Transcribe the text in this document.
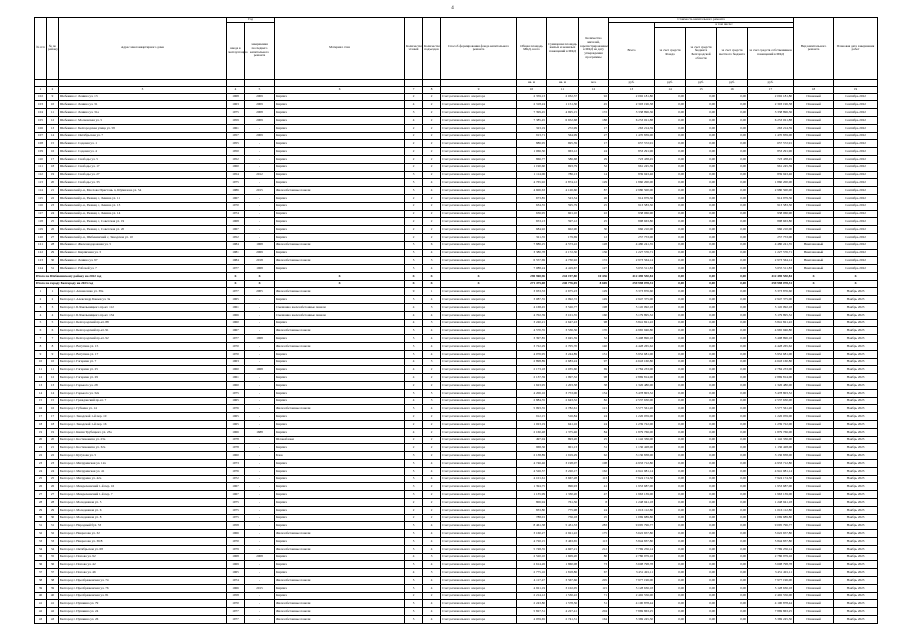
4
№ п/п	№ по району	Адрес многоквартирного дома	Год		Материал стен	Количество этажей	Количество подъездов	Способ формирования фонда капитального ремонта	Общая площадь МКД, всего	Суммарная площадь жилых и нежилых помещений в МКД	Количество жителей, зарегистрированных в МКД на дату утверждения программы	Стоимость капитального ремонта					Вид капитального ремонта	Плановая дата завершения работ
			ввода в эксплуатацию	завершения последнего капитального ремонта								Всего	в том числе:					
													за счет средств Фонда	за счет средств бюджета Белгородской области	за счет средств местного бюджета	за счет средств собственников помещений в МКД		
									кв. м	кв. м	чел.	руб.	руб.	руб.	руб.	руб.		
1	2	3	4	5	6	7	8	9	10	11	12	13	14	15	16	17	18	19
102	9	Шебекино г. Ленина ул. 13	1968	2009	Кирпич	2	2	Счет регионального оператора	2 359,13	2 032,37	92	2 092 181,80	0,00	0,00	0,00	2 092 181,80	Плановый	Сентябрь 2022
103	10	Шебекино г. Ленина ул. 31	1963	2009	Кирпич	4	2	Счет регионального оператора	2 318,24	1 151,30	45	2 303 196,58	0,00	0,00	0,00	2 303 196,58	Плановый	Сентябрь 2022
104	11	Шебекино г. Ленина ул. 31а	1975	2008	Кирпич	3	2	Счет регионального оператора	7 399,45	4 695,15	172	3 338 896,36	0,00	0,00	0,00	3 338 896,36	Плановый	Сентябрь 2022
105	12	Шебекино г. Московская ул. 5	1959	2009	Кирпич	4	2	Счет регионального оператора	7 385,45	6 652,68	188	6 253 021,88	0,00	0,00	0,00	6 253 021,88	Плановый	Сентябрь 2022
106	13	Шебекино г. Белгородская улица ул. 58	1961	-	Кирпич	2	2	Счет регионального оператора	323,19	272,99	17	263 214,59	0,00	0,00	0,00	263 214,59	Плановый	Сентябрь 2022
107	14	Шебекино г. Октябрьская ул. 7	1957	2009	Кирпич	2	2	Счет регионального оператора	913,71	564,99	27	1 470 839,00	0,00	0,00	0,00	1 470 839,00	Плановый	Сентябрь 2022
108	15	Шебекино г. Садовая ул. 1	1955	-	Кирпич	2	2	Счет регионального оператора	886,95	695,39	17	657 572,91	0,00	0,00	0,00	657 572,91	Плановый	Сентябрь 2022
109	16	Шебекино г. Садовая ул. 4	1950	-	Кирпич	2	2	Счет регионального оператора	1 066,50	963,12	24	853 291,96	0,00	0,00	0,00	853 291,96	Плановый	Сентябрь 2022
110	17	Шебекино г. Свободы ул. 5	1952	-	Кирпич	2	2	Счет регионального оператора	866,77	586,68	29	723 438,45	0,00	0,00	0,00	723 438,45	Плановый	Сентябрь 2022
111	18	Шебекино г. Свободы ул. 17	1960	-	Кирпич	2	2	Счет регионального оператора	1 190,60	693,79	52	961 245,39	0,00	0,00	0,00	961 245,39	Плановый	Сентябрь 2022
112	19	Шебекино г. Свободы ул. 27	1954	2012	Кирпич	3	2	Счет регионального оператора	1 114,06	786,13	14	839 943,46	0,00	0,00	0,00	839 943,46	Плановый	Сентябрь 2022
113	20	Шебекино г. Свободы ул. 33	1975	-	Кирпич	5	4	Счет регионального оператора	4 765,92	2 874,12	129	1 860 200,00	0,00	0,00	0,00	1 860 200,00	Плановый	Сентябрь 2022
114	21	Шебекинский р-н, Маслова Пристань п, Шумилова ул. 54	1986	2015	Железобетонные панели	5	4	Счет регионального оператора	4 606,63	4 126,60	87	2 980 500,00	0,00	0,00	0,00	2 980 500,00	Плановый	Сентябрь 2022
115	22	Шебекинский р-н, Ржавец с, Ленина ул. 11	1967	-	Кирпич	2	2	Счет регионального оператора	673,85	523,54	26	914 979,36	0,00	0,00	0,00	914 979,36	Плановый	Сентябрь 2022
116	23	Шебекинский р-н, Ржавец с, Ленина ул. 13	1970	-	Кирпич	2	2	Счет регионального оператора	634,55	595,79	25	913 583,50	0,00	0,00	0,00	913 583,50	Плановый	Сентябрь 2022
117	24	Шебекинский р-н, Ржавец с, Ленина ул. 14	1974	-	Кирпич	2	2	Счет регионального оператора	636,95	601,10	22	938 066,90	0,00	0,00	0,00	938 066,90	Плановый	Сентябрь 2022
118	25	Шебекинский р-н, Ржавец с, Советская ул. 19	1968	-	Кирпич	2	2	Счет регионального оператора	653,13	597,12	25	898 663,80	0,00	0,00	0,00	898 663,80	Плановый	Сентябрь 2022
119	26	Шебекинский р-н, Ржавец с, Советская ул. 20	1967	-	Кирпич	2	2	Счет регионального оператора	684,92	602,90	30	966 210,00	0,00	0,00	0,00	966 210,00	Плановый	Сентябрь 2022
120	27	Шебекинский р-н, Шебекинский с, Заводская ул. 10	1952	-	Кирпич	2	2	Счет регионального оператора	321,35	179,69	12	257 753,00	0,00	0,00	0,00	257 753,00	Плановый	Сентябрь 2022
121	28	Шебекино г. Железнодорожная ул. 5	1984	1968	Железобетонные панели	5	6	Счет регионального оператора	7 886,25	4 573,22	128	4 480 241,35	0,00	0,00	0,00	4 480 241,35	Внеплановый	Сентябрь 2022
122	29	Шебекино г. Кирпичная ул. 3	1981	2069	Кирпич	5	4	Счет регионального оператора	3 380,78	2 172,30	136	1 227 576,71	0,00	0,00	0,00	1 227 576,71	Внеплановый	Сентябрь 2022
123	30	Шебекино г. Ленина ул. 97	1984	2018	Железобетонные панели	5	3	Счет регионального оператора	6 557,69	4 730,92	172	2 973 564,14	0,00	0,00	0,00	2 973 564,14	Внеплановый	Сентябрь 2022
124	31	Шебекино г. Рабочей ул. 7	1977	1968	Кирпич	5	4	Счет регионального оператора	7 088,24	4 419,67	127	5 655 511,83	0,00	0,00	0,00	5 655 511,83	Внеплановый	Сентябрь 2022
Итого по Шебекинскому району на 2022 год			X	X	X	X	X	X	290 968,96	244 197,80	10 436	412 490 550,84	0,00	0,00	0,00	412 490 550,84	X	X
Итого по городу Белгороду на 2023 год			X	X	X	X	X	X	271 475,08	240 776,05	8 669	259 998 078,31	0,00	0,00	0,00	259 998 078,31	X	X
1	1	Белгород г. Апанасенко ул. 39а	1977	2005	Железобетонные панели	9	1	Счет регионального оператора	3 933,33	2 675,23	129	3 373 876,60	0,00	0,00	0,00	3 373 876,60	Плановый	Ноябрь 2023
2	2	Белгород г. Александр Бакаев ул. 3а	1965	-	Кирпич	5	4	Счет регионального оператора	3 087,55	2 992,72	149	2 947 375,00	0,00	0,00	0,00	2 947 375,00	Плановый	Ноябрь 2023
3	3	Белгород г. Б.Хмельницкого пр-кт. 112	1961	-	Смешанно железобетонные панели	4	3	Счет регионального оператора	4 168,45	3 526,77	198	5 145 092,18	0,00	0,00	0,00	5 145 092,18	Плановый	Ноябрь 2023
4	4	Белгород г. Б.Хмельницкого пр-кт. 134	1966	-	Смешанно железобетонные панели	4	4	Счет регионального оператора	4 702,39	3 101,35	160	5 179 895,52	0,00	0,00	0,00	5 179 895,52	Плановый	Ноябрь 2023
5	5	Белгород г. Белгородский пр-кт. 88	1960	-	Кирпич	4	3	Счет регионального оператора	3 240,21	2 647,43	98	3 841 821,22	0,00	0,00	0,00	3 841 821,22	Плановый	Ноябрь 2023
6	6	Белгород г. Белгородский пр-кт. 91	1967	-	Железобетонные панели	5	4	Счет регионального оператора	4 570,35	3 536,36	170	4 965 946,80	0,00	0,00	0,00	4 965 946,80	Плановый	Ноябрь 2023
7	7	Белгород г. Белгородский пр-кт. 92	1977	1968	Кирпич	5	4	Счет регионального оператора	3 397,85	3 045,59	52	3 408 896,18	0,00	0,00	0,00	3 408 896,18	Плановый	Ноябрь 2023
8	8	Белгород г. Ватутина ул. 15	1970	-	Железобетонные панели	5	4	Счет регионального оператора	3 722,29	2 705,70	140	4 428 265,62	0,00	0,00	0,00	4 428 265,62	Плановый	Ноябрь 2023
9	9	Белгород г. Ватутина ул. 17	1970	-	Кирпич	5	4	Счет регионального оператора	4 076,95	3 244,89	131	5 952 681,00	0,00	0,00	0,00	5 952 681,00	Плановый	Ноябрь 2023
10	10	Белгород г. Гагарина ул. 7	1963	-	Кирпич	4	3	Счет регионального оператора	2 898,89	2 683,24	97	4 643 160,80	0,00	0,00	0,00	4 643 160,80	Плановый	Ноябрь 2023
11	11	Белгород г. Гагарина ул. 25	1960	1968	Кирпич	4	2	Счет регионального оператора	2 173,18	2 035,60	69	2 784 233,00	0,00	0,00	0,00	2 784 233,00	Плановый	Ноябрь 2023
12	12	Белгород г. Гагарина ул. 29	1961	-	Кирпич	4	2	Счет регионального оператора	2 137,59	1 997,32	98	2 869 814,00	0,00	0,00	0,00	2 869 814,00	Плановый	Ноябрь 2023
13	13	Белгород г. Горького ул. 28	1960	-	Кирпич	2	2	Счет регионального оператора	1 623,95	1 203,58	38	1 326 480,00	0,00	0,00	0,00	1 326 480,00	Плановый	Ноябрь 2023
14	14	Белгород г. Горького ул. 32а	1975	-	Кирпич	5	5	Счет регионального оператора	4 206,16	3 753,06	154	5 478 803,52	0,00	0,00	0,00	5 478 803,52	Плановый	Ноябрь 2023
15	15	Белгород г. Гражданский пр-кт. 7	1965	-	Кирпич	4	3	Счет регионального оператора	2 884,35	2 643,32	82	2 537 630,00	0,00	0,00	0,00	2 537 630,00	Плановый	Ноябрь 2023
16	16	Белгород г. Губкина ул. 14	1976	-	Железобетонные панели	5	4	Счет регионального оператора	5 993,35	2 782,61	121	5 577 561,20	0,00	0,00	0,00	5 577 561,20	Плановый	Ноябрь 2023
17	17	Белгород г. Заводской 1-й пер. 10	1965	-	Кирпич	2	2	Счет регионального оператора	912,15	516,84	24	1 226 059,00	0,00	0,00	0,00	1 226 059,00	Плановый	Ноябрь 2023
18	18	Белгород г. Заводской 1-й пер. 16	1965	-	Кирпич	2	2	Счет регионального оператора	1 023,19	641,16	24	1 239 722,00	0,00	0,00	0,00	1 239 722,00	Плановый	Ноябрь 2023
19	19	Белгород г. Князя Трубецкого ул. 23а	1966	1688	Кирпич	4	2	Счет регионального оператора	2 160,48	1 375,46	84	1 879 766,00	0,00	0,00	0,00	1 879 766,00	Плановый	Ноябрь 2023
20	20	Белгород г. Костюковича ул. 23а	1978	-	Шлакоблоки	2	2	Счет регионального оператора	497,04	893,20	25	1 142 336,00	0,00	0,00	0,00	1 142 336,00	Плановый	Ноябрь 2023
21	21	Белгород г. Костюковича ул. 32а	1978	-	Кирпич	2	2	Счет регионального оператора	968,36	901,13	31	1 136 428,00	0,00	0,00	0,00	1 136 428,00	Плановый	Ноябрь 2023
22	22	Белгород г. Кутузова ул. 5	1960	-	Блок	3	2	Счет регионального оператора	2 138,89	1 919,29	62	3 136 838,00	0,00	0,00	0,00	3 136 838,00	Плановый	Ноябрь 2023
23	23	Белгород г. Мичуринская ул. 12а	1973	-	Кирпич	5	4	Счет регионального оператора	4 746,46	3 198,07	108	4 933 712,80	0,00	0,00	0,00	4 933 712,80	Плановый	Ноябрь 2023
24	24	Белгород г. Мичуринская ул. 41	1976	-	Кирпич	5	4	Счет регионального оператора	4 526,57	3 220,17	162	4 941 981,14	0,00	0,00	0,00	4 941 981,14	Плановый	Ноябрь 2023
25	25	Белгород г. Мичурина ул. 42а	1972	-	Кирпич	5	4	Счет регионального оператора	4 101,61	3 667,28	113	7 924 174,50	0,00	0,00	0,00	7 924 174,50	Плановый	Ноябрь 2023
26	26	Белгород г. Менделеевский 1-й пер. 16	1967	-	Кирпич	3	2	Счет регионального оператора	1 394,75	996,93	41	1 953 687,00	0,00	0,00	0,00	1 953 687,00	Плановый	Ноябрь 2023
27	27	Белгород г. Менделеевский 1-й пер. 7	1967	-	Кирпич	3	2	Счет регионального оператора	1 135,99	1 330,20	47	1 963 139,00	0,00	0,00	0,00	1 963 139,00	Плановый	Ноябрь 2023
28	28	Белгород г. Молодежная ул. 5	1975	-	Кирпич	2	2	Счет регионального оператора	806,94	761,56	8	1 248 941,18	0,00	0,00	0,00	1 248 941,18	Плановый	Ноябрь 2023
29	29	Белгород г. Молодежная ул. 6	1975	-	Кирпич	2	2	Счет регионального оператора	833,80	775,98	24	1 016 112,80	0,00	0,00	0,00	1 016 112,80	Плановый	Ноябрь 2023
30	30	Белгород г. Молодежная ул. 8	1975	-	Кирпич	2	2	Счет регионального оператора	788,01	756,18	25	1 069 689,80	0,00	0,00	0,00	1 069 689,80	Плановый	Ноябрь 2023
31	31	Белгород г. Народный бул. 53	1958	-	Кирпич	5	4	Счет регионального оператора	8 461,38	5 431,33	283	9 095 796,77	0,00	0,00	0,00	9 095 796,77	Плановый	Ноябрь 2023
32	32	Белгород г. Некрасова ул. 32	1966	-	Железобетонные панели	5	4	Счет регионального оператора	3 160,27	2 921,22	175	5 622 657,80	0,00	0,00	0,00	5 622 657,80	Плановый	Ноябрь 2023
33	33	Белгород г. Некрасова ул. 36/8	1970	-	Кирпич	5	4	Счет регионального оператора	4 720,15	3 463,65	113	5 844 837,80	0,00	0,00	0,00	5 844 837,80	Плановый	Ноябрь 2023
34	34	Белгород г. Октябрьская ул. 68	1979	-	Железобетонные панели	5	4	Счет регионального оператора	5 748,35	4 607,21	212	7 769 256,14	0,00	0,00	0,00	7 769 256,14	Плановый	Ноябрь 2023
35	35	Белгород г. Попова ул. 92	1968	2008	Кирпич	4	3	Счет регионального оператора	2 520,10	1 609,20	80	2 786 979,16	0,00	0,00	0,00	2 786 979,16	Плановый	Ноябрь 2023
36	36	Белгород г. Попова ул. 42	1969	-	Кирпич	5	4	Счет регионального оператора	2 614,26	1 860,08	73	3 608 798,78	0,00	0,00	0,00	3 608 798,78	Плановый	Ноябрь 2023
37	37	Белгород г. Попова ул. 46	1965	-	Кирпич	4	3	Счет регионального оператора	2 775,16	1 818,86	67	3 451 491,11	0,00	0,00	0,00	3 451 491,11	Плановый	Ноябрь 2023
38	38	Белгород г. Преображенская ул. 74	1974	-	Железобетонные панели	5	4	Счет регионального оператора	4 117,47	3 567,66	205	7 977 196,00	0,00	0,00	0,00	7 977 196,00	Плановый	Ноябрь 2023
39	39	Белгород г. Преображенская ул. 76	1966	2015	Кирпич	5	4	Счет регионального оператора	4 921,19	3 102,05	115	5 128 636,18	0,00	0,00	0,00	5 128 636,18	Плановый	Ноябрь 2023
40	40	Белгород г. Преображенская ул. 81	1958	-	Кирпич	2	2	Счет регионального оператора	2 214,12	1 530,22	71	2 492 556,00	0,00	0,00	0,00	2 492 556,00	Плановый	Ноябрь 2023
41	41	Белгород г. Пушкина ул. 79	1970	-	Железобетонные панели	5	4	Счет регионального оператора	2 243,80	1 578,56	51	4 100 878,44	0,00	0,00	0,00	4 100 878,44	Плановый	Ноябрь 2023
42	42	Белгород г. Пушкина ул. 24	1977	-	Железобетонные панели	5	4	Счет регионального оператора	5 827,51	4 227,41	204	7 869 863,25	0,00	0,00	0,00	7 869 863,25	Плановый	Ноябрь 2023
43	43	Белгород г. Пушкина ул. 26	1977	-	Железобетонные панели	5	4	Счет регионального оператора	4 059,65	2 741,31	164	5 369 245,50	0,00	0,00	0,00	5 369 245,50	Плановый	Ноябрь 2023
